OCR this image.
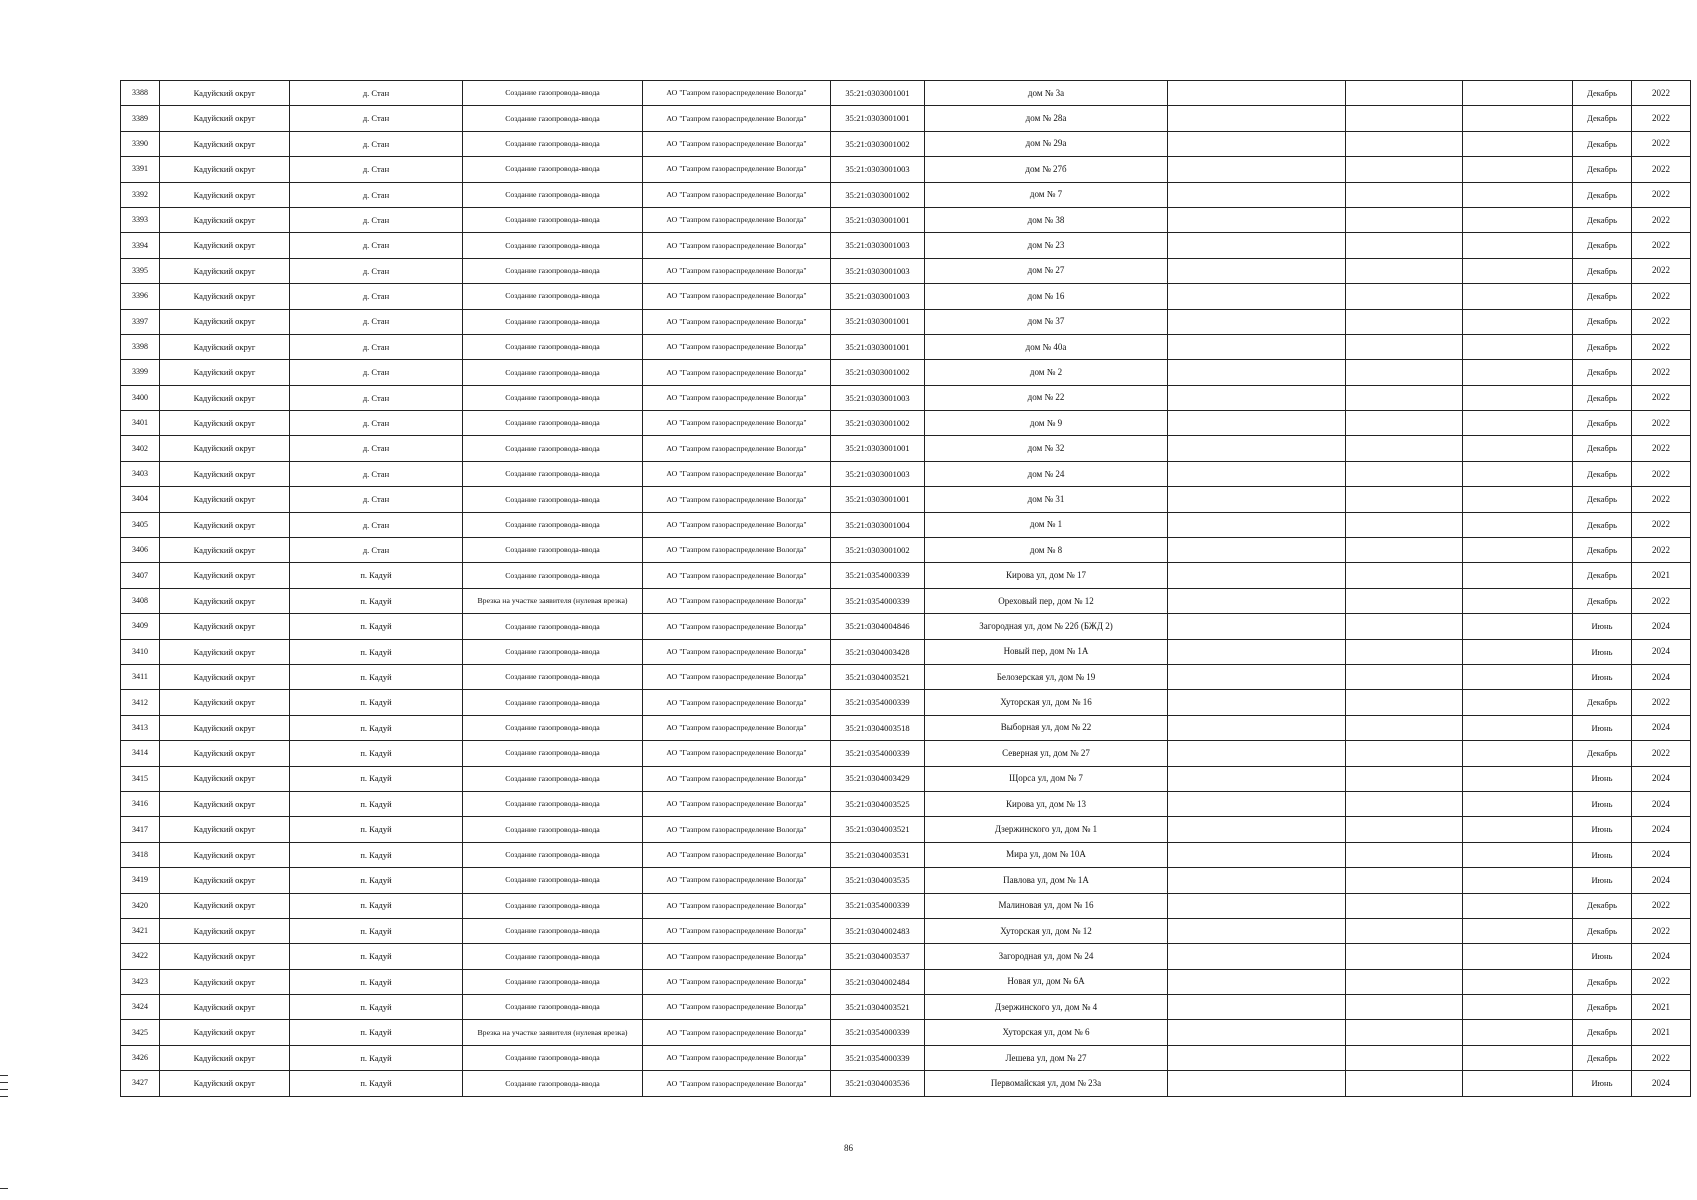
3388	Кадуйский округ	д. Стан	Создание газопровода-ввода	АО "Газпром газораспределение Вологда"	35:21:0303001001	дом № 3а				Декабрь	2022
3389	Кадуйский округ	д. Стан	Создание газопровода-ввода	АО "Газпром газораспределение Вологда"	35:21:0303001001	дом № 28а				Декабрь	2022
3390	Кадуйский округ	д. Стан	Создание газопровода-ввода	АО "Газпром газораспределение Вологда"	35:21:0303001002	дом № 29а				Декабрь	2022
3391	Кадуйский округ	д. Стан	Создание газопровода-ввода	АО "Газпром газораспределение Вологда"	35:21:0303001003	дом № 27б				Декабрь	2022
3392	Кадуйский округ	д. Стан	Создание газопровода-ввода	АО "Газпром газораспределение Вологда"	35:21:0303001002	дом № 7				Декабрь	2022
3393	Кадуйский округ	д. Стан	Создание газопровода-ввода	АО "Газпром газораспределение Вологда"	35:21:0303001001	дом № 38				Декабрь	2022
3394	Кадуйский округ	д. Стан	Создание газопровода-ввода	АО "Газпром газораспределение Вологда"	35:21:0303001003	дом № 23				Декабрь	2022
3395	Кадуйский округ	д. Стан	Создание газопровода-ввода	АО "Газпром газораспределение Вологда"	35:21:0303001003	дом № 27				Декабрь	2022
3396	Кадуйский округ	д. Стан	Создание газопровода-ввода	АО "Газпром газораспределение Вологда"	35:21:0303001003	дом № 16				Декабрь	2022
3397	Кадуйский округ	д. Стан	Создание газопровода-ввода	АО "Газпром газораспределение Вологда"	35:21:0303001001	дом № 37				Декабрь	2022
3398	Кадуйский округ	д. Стан	Создание газопровода-ввода	АО "Газпром газораспределение Вологда"	35:21:0303001001	дом № 40а				Декабрь	2022
3399	Кадуйский округ	д. Стан	Создание газопровода-ввода	АО "Газпром газораспределение Вологда"	35:21:0303001002	дом № 2				Декабрь	2022
3400	Кадуйский округ	д. Стан	Создание газопровода-ввода	АО "Газпром газораспределение Вологда"	35:21:0303001003	дом № 22				Декабрь	2022
3401	Кадуйский округ	д. Стан	Создание газопровода-ввода	АО "Газпром газораспределение Вологда"	35:21:0303001002	дом № 9				Декабрь	2022
3402	Кадуйский округ	д. Стан	Создание газопровода-ввода	АО "Газпром газораспределение Вологда"	35:21:0303001001	дом № 32				Декабрь	2022
3403	Кадуйский округ	д. Стан	Создание газопровода-ввода	АО "Газпром газораспределение Вологда"	35:21:0303001003	дом № 24				Декабрь	2022
3404	Кадуйский округ	д. Стан	Создание газопровода-ввода	АО "Газпром газораспределение Вологда"	35:21:0303001001	дом № 31				Декабрь	2022
3405	Кадуйский округ	д. Стан	Создание газопровода-ввода	АО "Газпром газораспределение Вологда"	35:21:0303001004	дом № 1				Декабрь	2022
3406	Кадуйский округ	д. Стан	Создание газопровода-ввода	АО "Газпром газораспределение Вологда"	35:21:0303001002	дом № 8				Декабрь	2022
3407	Кадуйский округ	п. Кадуй	Создание газопровода-ввода	АО "Газпром газораспределение Вологда"	35:21:0354000339	Кирова ул, дом № 17				Декабрь	2021
3408	Кадуйский округ	п. Кадуй	Врезка на участке заявителя (нулевая врезка)	АО "Газпром газораспределение Вологда"	35:21:0354000339	Ореховый пер, дом № 12				Декабрь	2022
3409	Кадуйский округ	п. Кадуй	Создание газопровода-ввода	АО "Газпром газораспределение Вологда"	35:21:0304004846	Загородная ул, дом № 22б (БЖД 2)				Июнь	2024
3410	Кадуйский округ	п. Кадуй	Создание газопровода-ввода	АО "Газпром газораспределение Вологда"	35:21:0304003428	Новый пер, дом № 1А				Июнь	2024
3411	Кадуйский округ	п. Кадуй	Создание газопровода-ввода	АО "Газпром газораспределение Вологда"	35:21:0304003521	Белозерская ул, дом № 19				Июнь	2024
3412	Кадуйский округ	п. Кадуй	Создание газопровода-ввода	АО "Газпром газораспределение Вологда"	35:21:0354000339	Хуторская ул, дом № 16				Декабрь	2022
3413	Кадуйский округ	п. Кадуй	Создание газопровода-ввода	АО "Газпром газораспределение Вологда"	35:21:0304003518	Выборная ул, дом № 22				Июнь	2024
3414	Кадуйский округ	п. Кадуй	Создание газопровода-ввода	АО "Газпром газораспределение Вологда"	35:21:0354000339	Северная ул, дом № 27				Декабрь	2022
3415	Кадуйский округ	п. Кадуй	Создание газопровода-ввода	АО "Газпром газораспределение Вологда"	35:21:0304003429	Щорса ул, дом № 7				Июнь	2024
3416	Кадуйский округ	п. Кадуй	Создание газопровода-ввода	АО "Газпром газораспределение Вологда"	35:21:0304003525	Кирова ул, дом № 13				Июнь	2024
3417	Кадуйский округ	п. Кадуй	Создание газопровода-ввода	АО "Газпром газораспределение Вологда"	35:21:0304003521	Дзержинского ул, дом № 1				Июнь	2024
3418	Кадуйский округ	п. Кадуй	Создание газопровода-ввода	АО "Газпром газораспределение Вологда"	35:21:0304003531	Мира ул, дом № 10А				Июнь	2024
3419	Кадуйский округ	п. Кадуй	Создание газопровода-ввода	АО "Газпром газораспределение Вологда"	35:21:0304003535	Павлова ул, дом № 1А				Июнь	2024
3420	Кадуйский округ	п. Кадуй	Создание газопровода-ввода	АО "Газпром газораспределение Вологда"	35:21:0354000339	Малиновая ул, дом № 16				Декабрь	2022
3421	Кадуйский округ	п. Кадуй	Создание газопровода-ввода	АО "Газпром газораспределение Вологда"	35:21:0304002483	Хуторская ул, дом № 12				Декабрь	2022
3422	Кадуйский округ	п. Кадуй	Создание газопровода-ввода	АО "Газпром газораспределение Вологда"	35:21:0304003537	Загородная ул, дом № 24				Июнь	2024
3423	Кадуйский округ	п. Кадуй	Создание газопровода-ввода	АО "Газпром газораспределение Вологда"	35:21:0304002484	Новая ул, дом № 6А				Декабрь	2022
3424	Кадуйский округ	п. Кадуй	Создание газопровода-ввода	АО "Газпром газораспределение Вологда"	35:21:0304003521	Дзержинского ул, дом № 4				Декабрь	2021
3425	Кадуйский округ	п. Кадуй	Врезка на участке заявителя (нулевая врезка)	АО "Газпром газораспределение Вологда"	35:21:0354000339	Хуторская ул, дом № 6				Декабрь	2021
3426	Кадуйский округ	п. Кадуй	Создание газопровода-ввода	АО "Газпром газораспределение Вологда"	35:21:0354000339	Лешева ул, дом № 27				Декабрь	2022
3427	Кадуйский округ	п. Кадуй	Создание газопровода-ввода	АО "Газпром газораспределение Вологда"	35:21:0304003536	Первомайская ул, дом № 23а				Июнь	2024
86
